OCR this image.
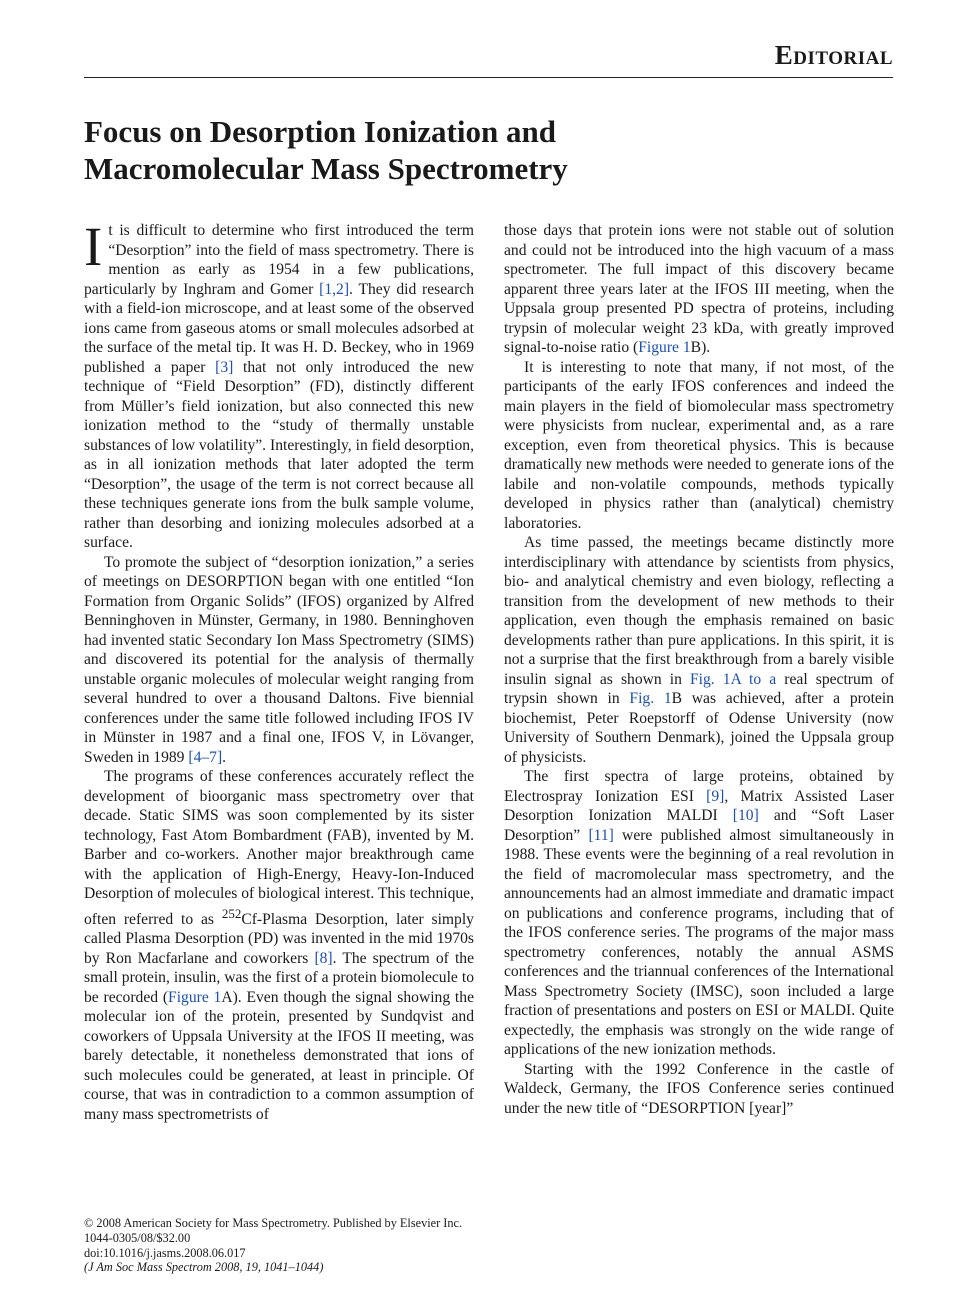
Editorial
Focus on Desorption Ionization and
Macromolecular Mass Spectrometry

It is difficult to determine who first introduced the term “Desorption” into the field of mass spectrometry. There is mention as early as 1954 in a few publications, particularly by Inghram and Gomer [1,2]. They did research with a field-ion microscope, and at least some of the observed ions came from gaseous atoms or small molecules adsorbed at the surface of the metal tip. It was H. D. Beckey, who in 1969 published a paper [3] that not only introduced the new technique of “Field Desorption” (FD), distinctly different from Müller’s field ionization, but also connected this new ionization method to the “study of thermally unstable substances of low volatility”. Interestingly, in field desorption, as in all ionization methods that later adopted the term “Desorption”, the usage of the term is not correct because all these techniques generate ions from the bulk sample volume, rather than desorbing and ionizing molecules adsorbed at a surface.

To promote the subject of “desorption ionization,” a series of meetings on DESORPTION began with one entitled “Ion Formation from Organic Solids” (IFOS) organized by Alfred Benninghoven in Münster, Germany, in 1980. Benninghoven had invented static Secondary Ion Mass Spectrometry (SIMS) and discovered its potential for the analysis of thermally unstable organic molecules of molecular weight ranging from several hundred to over a thousand Daltons. Five biennial conferences under the same title followed including IFOS IV in Münster in 1987 and a final one, IFOS V, in Lövanger, Sweden in 1989 [4–7].

The programs of these conferences accurately reflect the development of bioorganic mass spectrometry over that decade. Static SIMS was soon complemented by its sister technology, Fast Atom Bombardment (FAB), invented by M. Barber and co-workers. Another major breakthrough came with the application of High-Energy, Heavy-Ion-Induced Desorption of molecules of biological interest. This technique, often referred to as $^{252}$Cf-Plasma Desorption, later simply called Plasma Desorption (PD) was invented in the mid 1970s by Ron Macfarlane and coworkers [8]. The spectrum of the small protein, insulin, was the first of a protein biomolecule to be recorded (Figure 1A). Even though the signal showing the molecular ion of the protein, presented by Sundqvist and coworkers of Uppsala University at the IFOS II meeting, was barely detectable, it nonetheless demonstrated that ions of such molecules could be generated, at least in principle. Of course, that was in contradiction to a common assumption of many mass spectrometrists of

those days that protein ions were not stable out of solution and could not be introduced into the high vacuum of a mass spectrometer. The full impact of this discovery became apparent three years later at the IFOS III meeting, when the Uppsala group presented PD spectra of proteins, including trypsin of molecular weight 23 kDa, with greatly improved signal-to-noise ratio (Figure 1B).

It is interesting to note that many, if not most, of the participants of the early IFOS conferences and indeed the main players in the field of biomolecular mass spectrometry were physicists from nuclear, experimental and, as a rare exception, even from theoretical physics. This is because dramatically new methods were needed to generate ions of the labile and non-volatile compounds, methods typically developed in physics rather than (analytical) chemistry laboratories.

As time passed, the meetings became distinctly more interdisciplinary with attendance by scientists from physics, bio- and analytical chemistry and even biology, reflecting a transition from the development of new methods to their application, even though the emphasis remained on basic developments rather than pure applications. In this spirit, it is not a surprise that the first breakthrough from a barely visible insulin signal as shown in Fig. 1A to a real spectrum of trypsin shown in Fig. 1B was achieved, after a protein biochemist, Peter Roepstorff of Odense University (now University of Southern Denmark), joined the Uppsala group of physicists.

The first spectra of large proteins, obtained by Electrospray Ionization ESI [9], Matrix Assisted Laser Desorption Ionization MALDI [10] and “Soft Laser Desorption” [11] were published almost simultaneously in 1988. These events were the beginning of a real revolution in the field of macromolecular mass spectrometry, and the announcements had an almost immediate and dramatic impact on publications and conference programs, including that of the IFOS conference series. The programs of the major mass spectrometry conferences, notably the annual ASMS conferences and the triannual conferences of the International Mass Spectrometry Society (IMSC), soon included a large fraction of presentations and posters on ESI or MALDI. Quite expectedly, the emphasis was strongly on the wide range of applications of the new ionization methods.

Starting with the 1992 Conference in the castle of Waldeck, Germany, the IFOS Conference series continued under the new title of “DESORPTION [year]”

© 2008 American Society for Mass Spectrometry. Published by Elsevier Inc.
1044-0305/08/$32.00
doi:10.1016/j.jasms.2008.06.017
(J Am Soc Mass Spectrom 2008, 19, 1041–1044)
